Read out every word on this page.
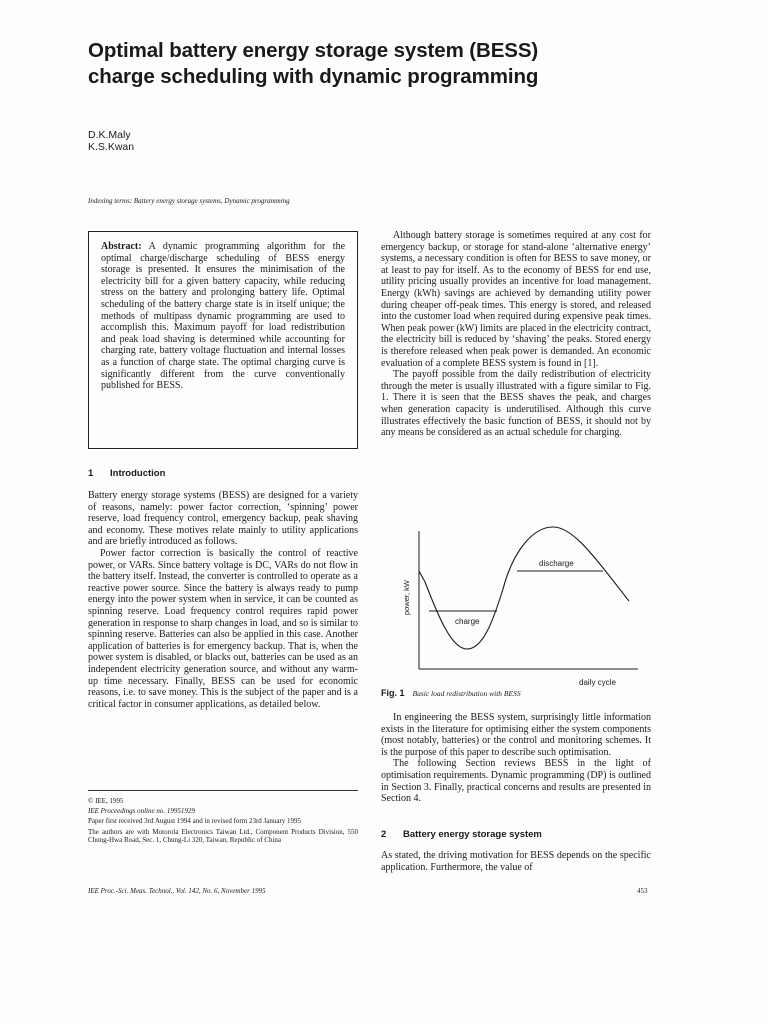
Optimal battery energy storage system (BESS)
charge scheduling with dynamic programming
D.K.Maly
K.S.Kwan
Indexing terms: Battery energy storage systems, Dynamic programming
Abstract: A dynamic programming algorithm for the optimal charge/discharge scheduling of BESS energy storage is presented. It ensures the minimisation of the electricity bill for a given battery capacity, while reducing stress on the battery and prolonging battery life. Optimal scheduling of the battery charge state is in itself unique; the methods of multipass dynamic programming are used to accomplish this. Maximum payoff for load redistribution and peak load shaving is determined while accounting for charging rate, battery voltage fluctuation and internal losses as a function of charge state. The optimal charging curve is significantly different from the curve conventionally published for BESS.
1 Introduction

Battery energy storage systems (BESS) are designed for a variety of reasons, namely: power factor correction, ‘spinning’ power reserve, load frequency control, emergency backup, peak shaving and economy. These motives relate mainly to utility applications and are briefly introduced as follows.

Power factor correction is basically the control of reactive power, or VARs. Since battery voltage is DC, VARs do not flow in the battery itself. Instead, the converter is controlled to operate as a reactive power source. Since the battery is always ready to pump energy into the power system when in service, it can be counted as spinning reserve. Load frequency control requires rapid power generation in response to sharp changes in load, and so is similar to spinning reserve. Batteries can also be applied in this case. Another application of batteries is for emergency backup. That is, when the power system is disabled, or blacks out, batteries can be used as an independent electricity generation source, and without any warm-up time necessary. Finally, BESS can be used for economic reasons, i.e. to save money. This is the subject of the paper and is a critical factor in consumer applications, as detailed below.

© IEE, 1995

IEE Proceedings online no. 19951929

Paper first received 3rd August 1994 and in revised form 23rd January 1995

The authors are with Motorola Electronics Taiwan Ltd., Component Products Division, 550 Chung-Hwa Road, Sec. 1, Chung-Li 320, Taiwan, Republic of China

IEE Proc.-Sci. Meas. Technol., Vol. 142, No. 6, November 1995	453

Although battery storage is sometimes required at any cost for emergency backup, or storage for stand-alone ‘alternative energy’ systems, a necessary condition is often for BESS to save money, or at least to pay for itself. As to the economy of BESS for end use, utility pricing usually provides an incentive for load management. Energy (kWh) savings are achieved by demanding utility power during cheaper off-peak times. This energy is stored, and released into the customer load when required during expensive peak times. When peak power (kW) limits are placed in the electricity contract, the electricity bill is reduced by ‘shaving’ the peaks. Stored energy is therefore released when peak power is demanded. An economic evaluation of a complete BESS system is found in [1].

The payoff possible from the daily redistribution of electricity through the meter is usually illustrated with a figure similar to Fig. 1. There it is seen that the BESS shaves the peak, and charges when generation capacity is underutilised. Although this curve illustrates effectively the basic function of BESS, it should not by any means be considered as an actual schedule for charging.

discharge
charge
power, kW
daily cycle
Fig. 1 Basic load redistribution with BESS

In engineering the BESS system, surprisingly little information exists in the literature for optimising either the system components (most notably, batteries) or the control and monitoring schemes. It is the purpose of this paper to describe such optimisation.

The following Section reviews BESS in the light of optimisation requirements. Dynamic programming (DP) is outlined in Section 3. Finally, practical concerns and results are presented in Section 4.

2 Battery energy storage system

As stated, the driving motivation for BESS depends on the specific application. Furthermore, the value of
